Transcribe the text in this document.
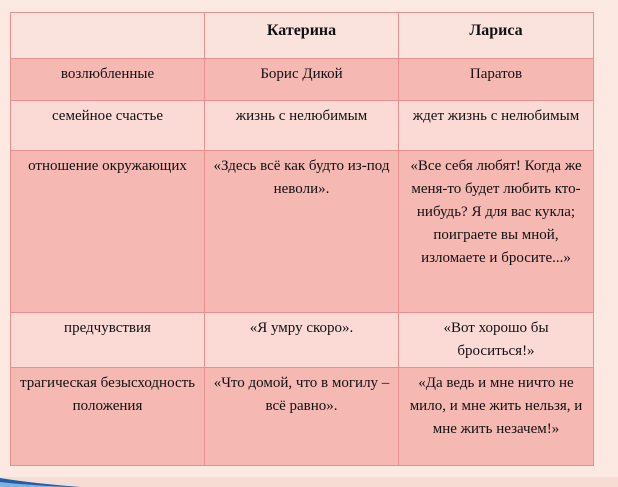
	Катерина	Лариса
возлюбленные	Борис Дикой	Паратов
семейное счастье	жизнь с нелюбимым	ждет жизнь с нелюбимым
отношение окружающих	«Здесь всё как будто из-под неволи».	«Все себя любят! Когда же меня-то будет любить кто-нибудь? Я для вас кукла; поиграете вы мной, изломаете и бросите...»
предчувствия	«Я умру скоро».	«Вот хорошо бы броситься!»
трагическая безысходность положения	«Что домой, что в могилу – всё равно».	«Да ведь и мне ничто не мило, и мне жить нельзя, и мне жить незачем!»
